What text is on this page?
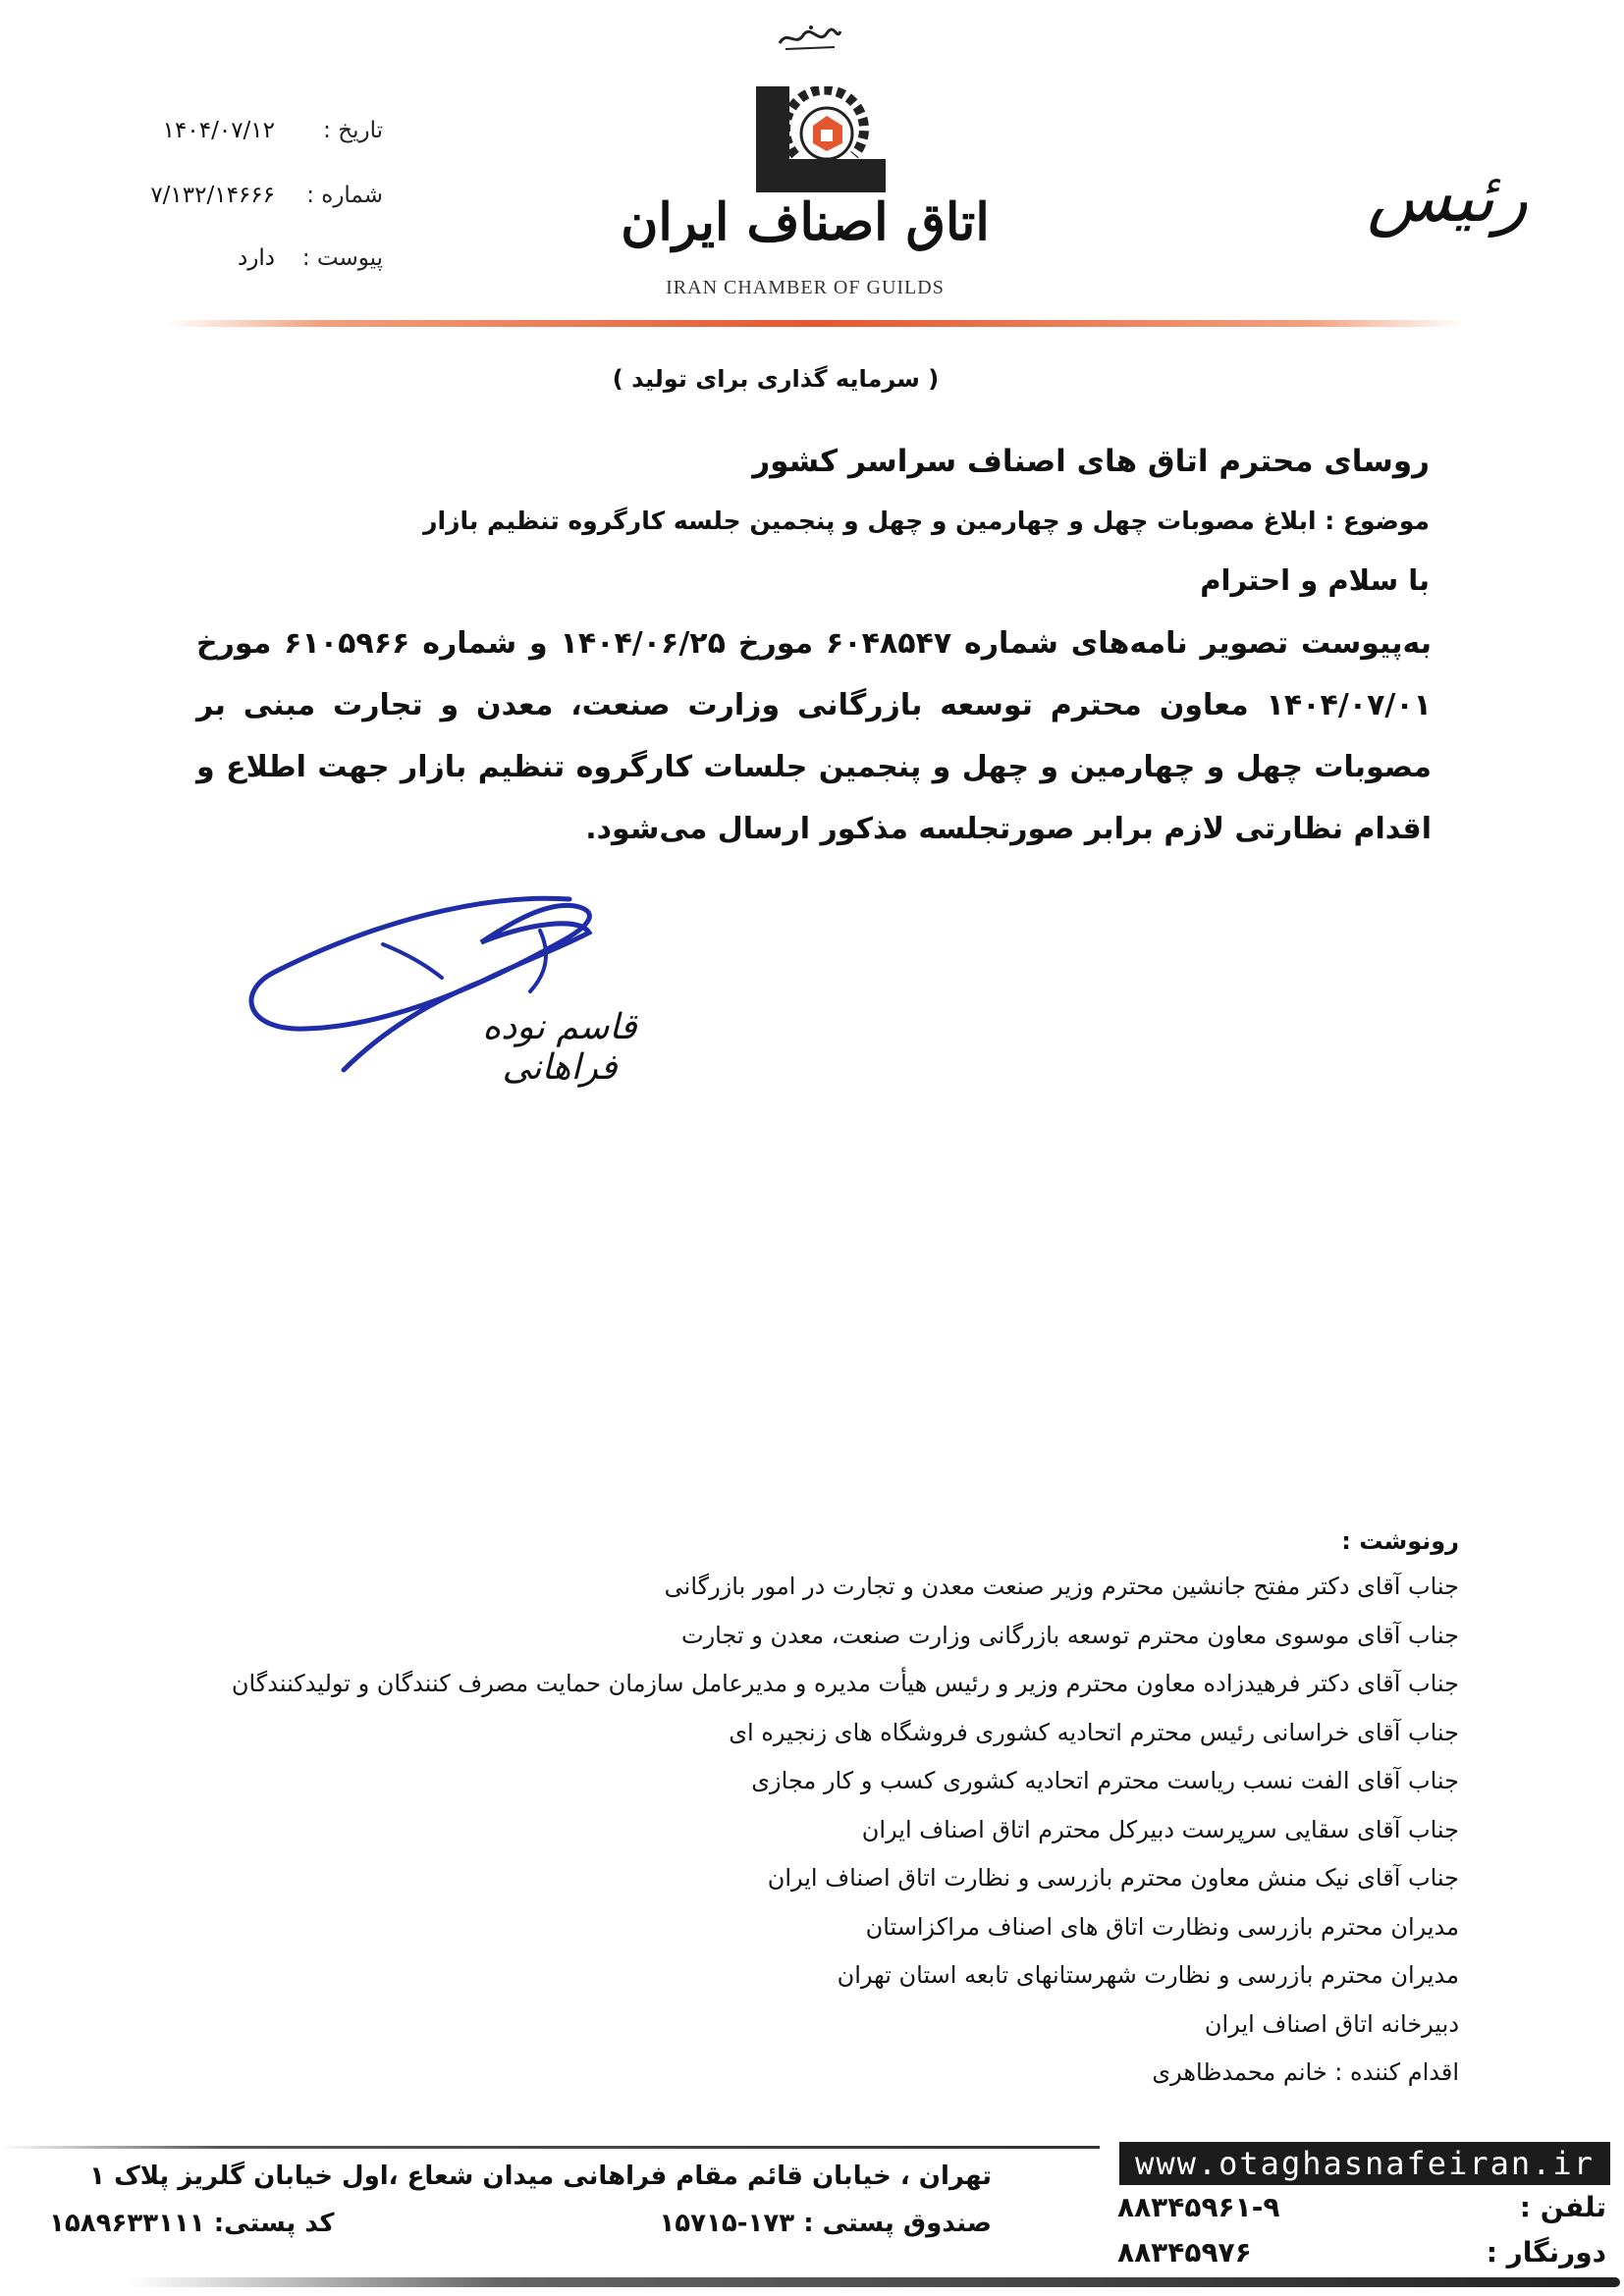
اتاق اصناف ایران
IRAN CHAMBER OF GUILDS
رئیس
تاریخ :
۱۴۰۴/۰۷/۱۲
شماره :
۷/۱۳۲/۱۴۶۶۶
پیوست :
دارد
( سرمایه گذاری برای تولید )
روسای محترم اتاق های اصناف سراسر کشور
موضوع : ابلاغ مصوبات چهل و چهارمین و چهل و پنجمین جلسه کارگروه تنظیم بازار
با سلام و احترام
به‌پیوست تصویر نامه‌های شماره ۶۰۴۸۵۴۷ مورخ ۱۴۰۴/۰۶/۲۵ و شماره ۶۱۰۵۹۶۶ مورخ ۱۴۰۴/۰۷/۰۱ معاون محترم توسعه بازرگانی وزارت صنعت، معدن و تجارت مبنی بر مصوبات چهل و چهارمین و چهل و پنجمین جلسات کارگروه تنظیم بازار جهت اطلاع و اقدام نظارتی لازم برابر صورتجلسه مذکور ارسال می‌شود.
قاسم نوده فراهانی
رونوشت :
جناب آقای دکتر مفتح جانشین محترم وزیر صنعت معدن و تجارت در امور بازرگانی
جناب آقای موسوی معاون محترم توسعه بازرگانی وزارت صنعت، معدن و تجارت
جناب آقای دکتر فرهیدزاده معاون محترم وزیر و رئیس هیأت مدیره و مدیرعامل سازمان حمایت مصرف کنندگان و تولیدکنندگان
جناب آقای خراسانی رئیس محترم اتحادیه کشوری فروشگاه های زنجیره ای
جناب آقای الفت نسب ریاست محترم اتحادیه کشوری کسب و کار مجازی
جناب آقای سقایی سرپرست دبیرکل محترم اتاق اصناف ایران
جناب آقای نیک منش معاون محترم بازرسی و نظارت اتاق اصناف ایران
مدیران محترم بازرسی ونظارت اتاق های اصناف مراکزاستان
مدیران محترم بازرسی و نظارت شهرستانهای تابعه استان تهران
دبیرخانه اتاق اصناف ایران
اقدام کننده : خانم محمدظاهری
تهران ، خیابان قائم مقام فراهانی میدان شعاع ،اول خیابان گلریز پلاک ۱
صندوق پستی : ۱۷۳-۱۵۷۱۵
کد پستی: ۱۵۸۹۶۳۳۱۱۱
www.otaghasnafeiran.ir
تلفن :
۸۸۳۴۵۹۶۱-۹
دورنگار :
۸۸۳۴۵۹۷۶
